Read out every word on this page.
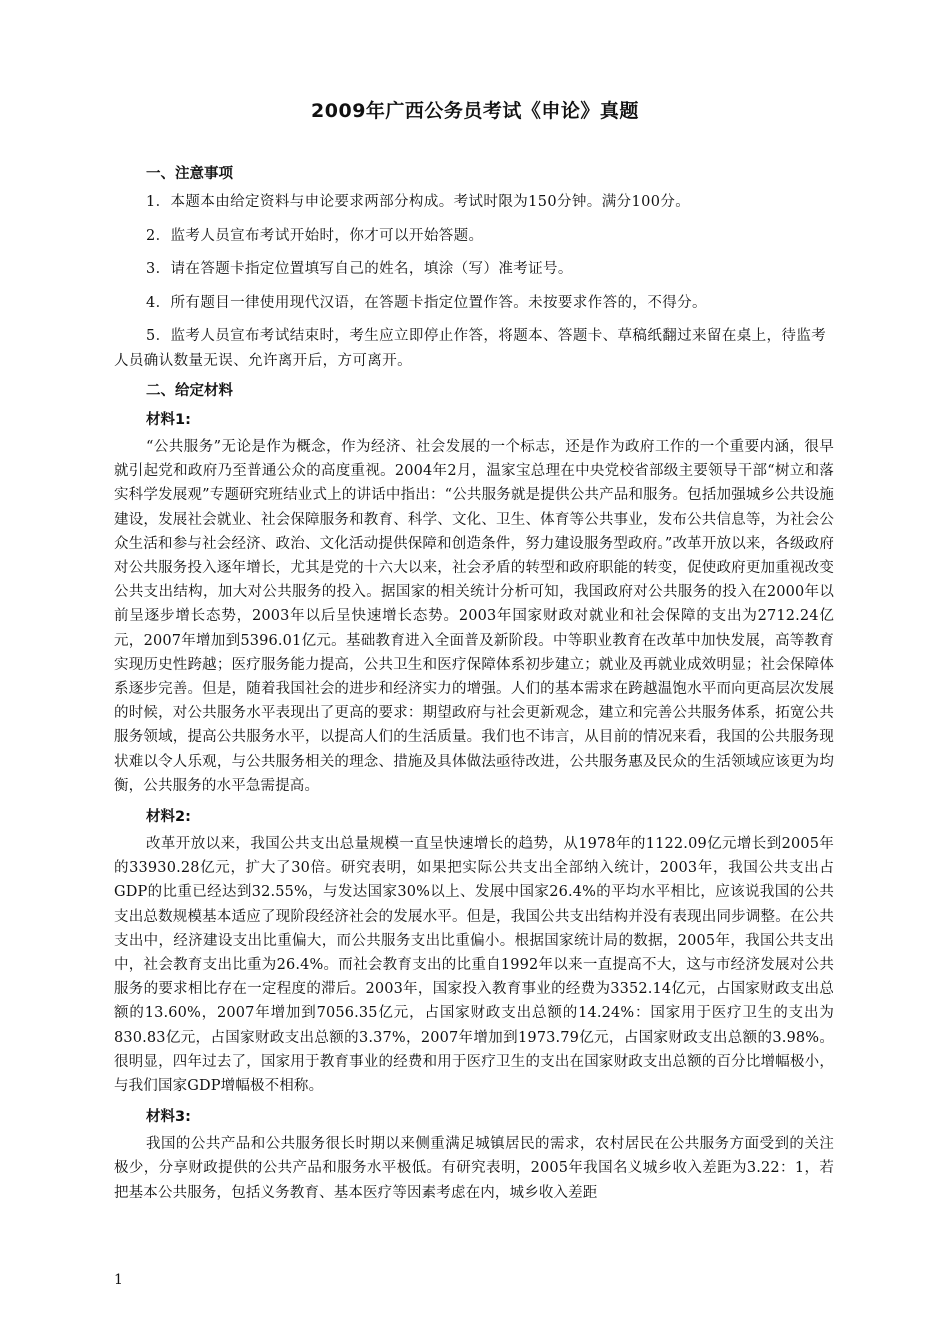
2009年广西公务员考试《申论》真题
一、注意事项

1．本题本由给定资料与申论要求两部分构成。考试时限为150分钟。满分100分。

2．监考人员宣布考试开始时，你才可以开始答题。

3．请在答题卡指定位置填写自己的姓名，填涂（写）准考证号。

4．所有题目一律使用现代汉语，在答题卡指定位置作答。未按要求作答的，不得分。

5．监考人员宣布考试结束时，考生应立即停止作答，将题本、答题卡、草稿纸翻过来留在桌上，待监考人员确认数量无误、允许离开后，方可离开。

二、给定材料
材料1:

“公共服务”无论是作为概念，作为经济、社会发展的一个标志，还是作为政府工作的一个重要内涵，很早就引起党和政府乃至普通公众的高度重视。2004年2月，温家宝总理在中央党校省部级主要领导干部“树立和落实科学发展观”专题研究班结业式上的讲话中指出：“公共服务就是提供公共产品和服务。包括加强城乡公共设施建设，发展社会就业、社会保障服务和教育、科学、文化、卫生、体育等公共事业，发布公共信息等，为社会公众生活和参与社会经济、政治、文化活动提供保障和创造条件，努力建设服务型政府。”改革开放以来，各级政府对公共服务投入逐年增长，尤其是党的十六大以来，社会矛盾的转型和政府职能的转变，促使政府更加重视改变公共支出结构，加大对公共服务的投入。据国家的相关统计分析可知，我国政府对公共服务的投入在2000年以前呈逐步增长态势，2003年以后呈快速增长态势。2003年国家财政对就业和社会保障的支出为2712.24亿元，2007年增加到5396.01亿元。基础教育进入全面普及新阶段。中等职业教育在改革中加快发展，高等教育实现历史性跨越；医疗服务能力提高，公共卫生和医疗保障体系初步建立；就业及再就业成效明显；社会保障体系逐步完善。但是，随着我国社会的进步和经济实力的增强。人们的基本需求在跨越温饱水平而向更高层次发展的时候，对公共服务水平表现出了更高的要求：期望政府与社会更新观念，建立和完善公共服务体系，拓宽公共服务领域，提高公共服务水平，以提高人们的生活质量。我们也不讳言，从目前的情况来看，我国的公共服务现状难以令人乐观，与公共服务相关的理念、措施及具体做法亟待改进，公共服务惠及民众的生活领域应该更为均衡，公共服务的水平急需提高。

材料2:

改革开放以来，我国公共支出总量规模一直呈快速增长的趋势，从1978年的1122.09亿元增长到2005年的33930.28亿元，扩大了30倍。研究表明，如果把实际公共支出全部纳入统计，2003年，我国公共支出占GDP的比重已经达到32.55%，与发达国家30%以上、发展中国家26.4%的平均水平相比，应该说我国的公共支出总数规模基本适应了现阶段经济社会的发展水平。但是，我国公共支出结构并没有表现出同步调整。在公共支出中，经济建设支出比重偏大，而公共服务支出比重偏小。根据国家统计局的数据，2005年，我国公共支出中，社会教育支出比重为26.4%。而社会教育支出的比重自1992年以来一直提高不大，这与市经济发展对公共服务的要求相比存在一定程度的滞后。2003年，国家投入教育事业的经费为3352.14亿元，占国家财政支出总额的13.60%，2007年增加到7056.35亿元，占国家财政支出总额的14.24%：国家用于医疗卫生的支出为830.83亿元，占国家财政支出总额的3.37%，2007年增加到1973.79亿元，占国家财政支出总额的3.98%。很明显，四年过去了，国家用于教育事业的经费和用于医疗卫生的支出在国家财政支出总额的百分比增幅极小，与我们国家GDP增幅极不相称。

材料3:

我国的公共产品和公共服务很长时期以来侧重满足城镇居民的需求，农村居民在公共服务方面受到的关注极少，分享财政提供的公共产品和服务水平极低。有研究表明，2005年我国名义城乡收入差距为3.22：1，若把基本公共服务，包括义务教育、基本医疗等因素考虑在内，城乡收入差距

1
